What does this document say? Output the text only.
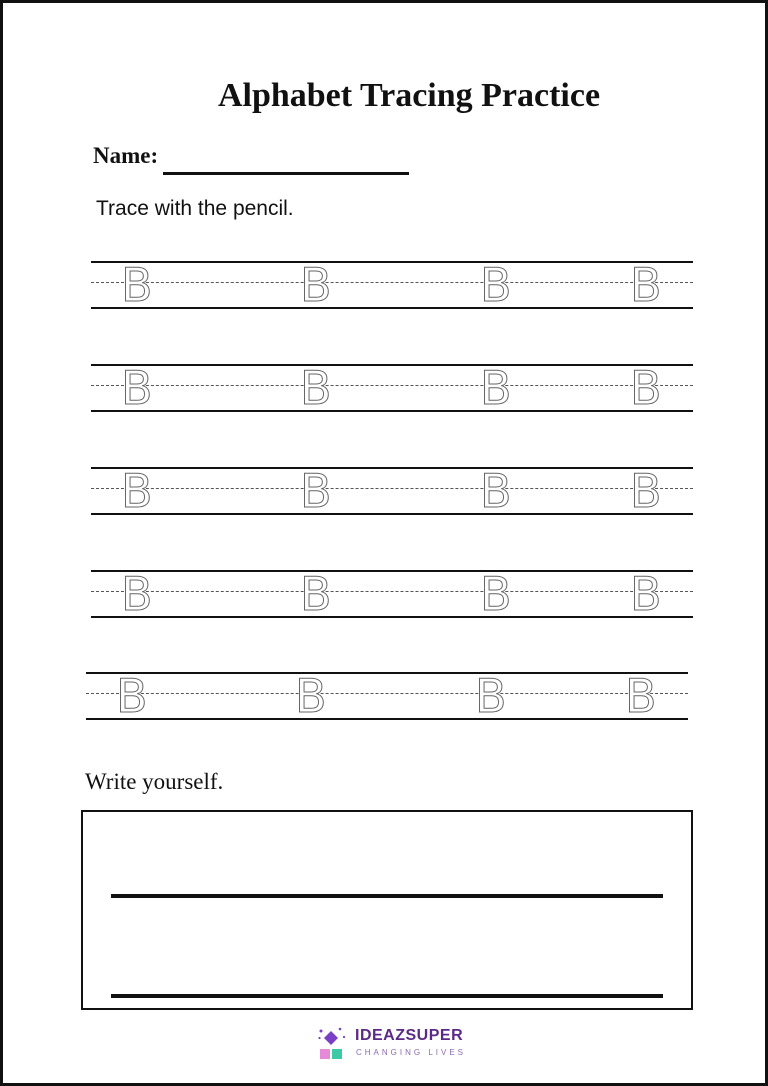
Alphabet Tracing Practice
Name:
Trace with the pencil.
B	B	B	B
B	B	B	B
B	B	B	B
B	B	B	B
B	B	B	B
Write yourself.
IDEAZSUPER
CHANGING LIVES
